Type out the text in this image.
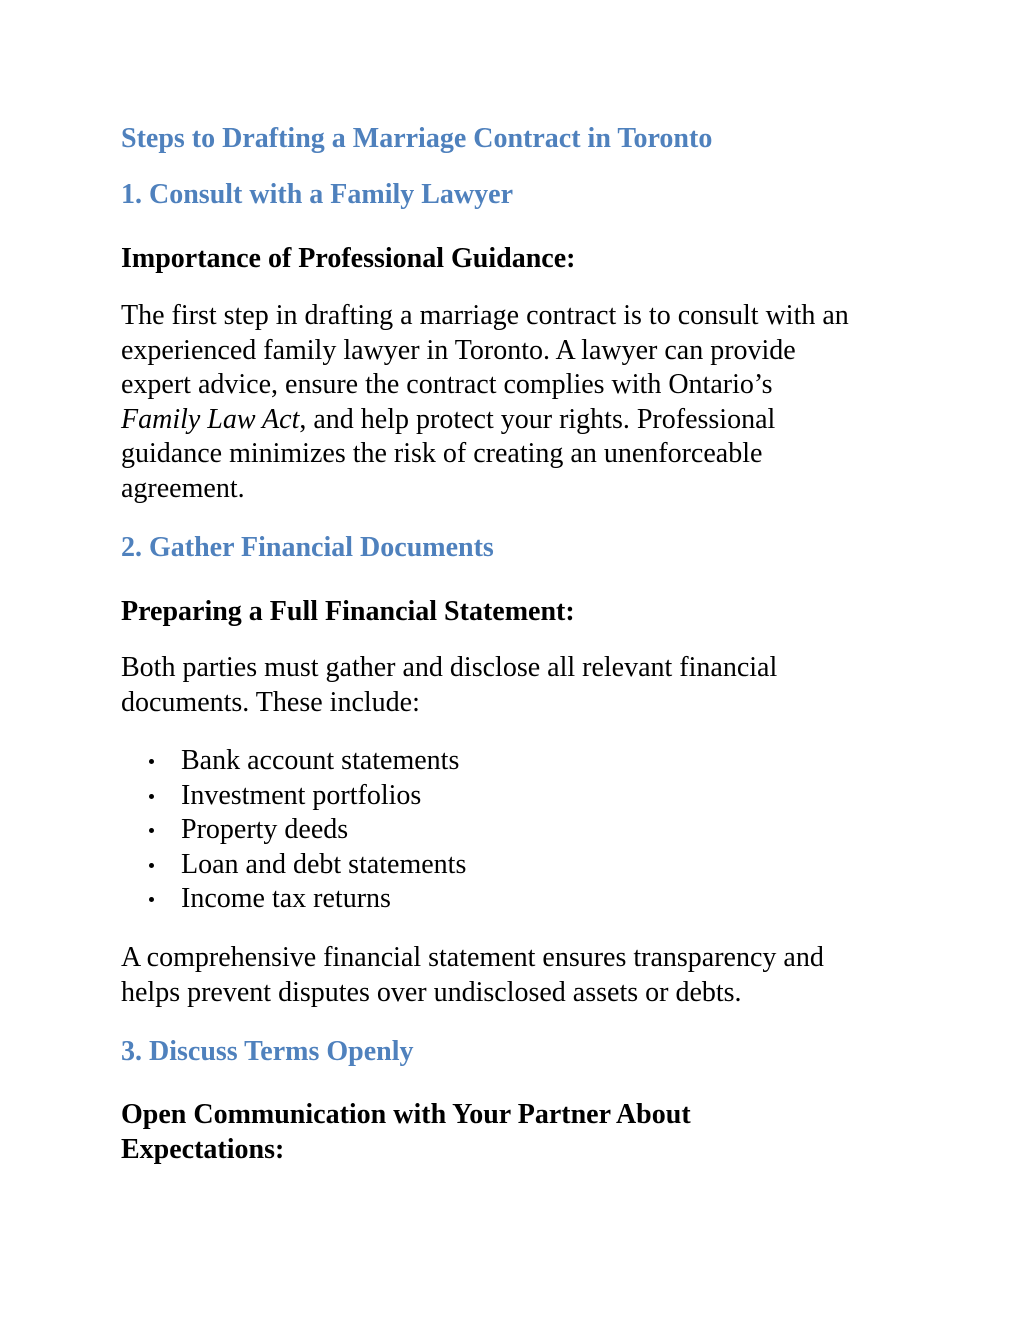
Steps to Drafting a Marriage Contract in Toronto
1. Consult with a Family Lawyer
Importance of Professional Guidance:

The first step in drafting a marriage contract is to consult with an
experienced family lawyer in Toronto. A lawyer can provide
expert advice, ensure the contract complies with Ontario’s
Family Law Act, and help protect your rights. Professional
guidance minimizes the risk of creating an unenforceable
agreement.

2. Gather Financial Documents
Preparing a Full Financial Statement:

Both parties must gather and disclose all relevant financial
documents. These include:

Bank account statements
Investment portfolios
Property deeds
Loan and debt statements
Income tax returns

A comprehensive financial statement ensures transparency and
helps prevent disputes over undisclosed assets or debts.

3. Discuss Terms Openly
Open Communication with Your Partner About
Expectations:
